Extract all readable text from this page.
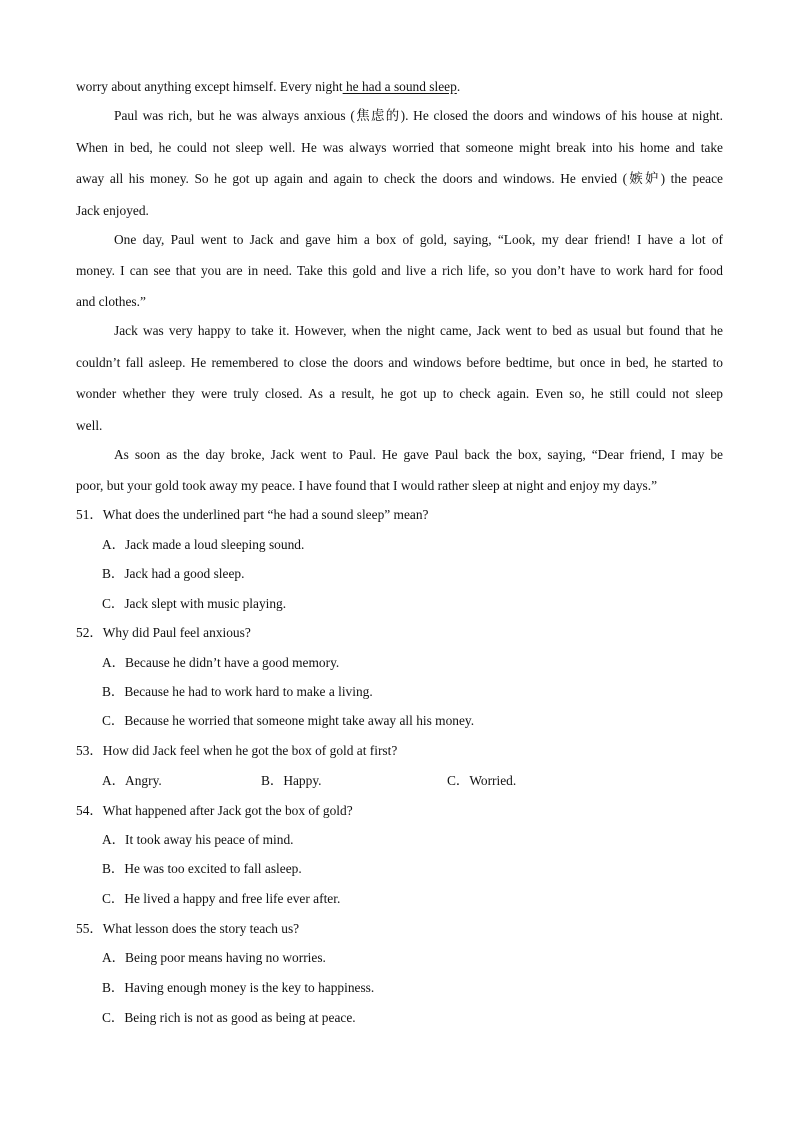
worry about anything except himself. Every night he had a sound sleep.
Paul was rich, but he was always anxious (焦虑的). He closed the doors and windows of his house at night.
When in bed, he could not sleep well. He was always worried that someone might break into his home and take
away all his money. So he got up again and again to check the doors and windows. He envied (嫉妒) the peace
Jack enjoyed.
One day, Paul went to Jack and gave him a box of gold, saying, “Look, my dear friend! I have a lot of
money. I can see that you are in need. Take this gold and live a rich life, so you don’t have to work hard for food
and clothes.”
Jack was very happy to take it. However, when the night came, Jack went to bed as usual but found that he
couldn’t fall asleep. He remembered to close the doors and windows before bedtime, but once in bed, he started to
wonder whether they were truly closed. As a result, he got up to check again. Even so, he still could not sleep
well.
As soon as the day broke, Jack went to Paul. He gave Paul back the box, saying, “Dear friend, I may be
poor, but your gold took away my peace. I have found that I would rather sleep at night and enjoy my days.”
51．What does the underlined part “he had a sound sleep” mean?
A．Jack made a loud sleeping sound.
B．Jack had a good sleep.
C．Jack slept with music playing.
52．Why did Paul feel anxious?
A．Because he didn’t have a good memory.
B．Because he had to work hard to make a living.
C．Because he worried that someone might take away all his money.
53．How did Jack feel when he got the box of gold at first?
A．Angry.	B．Happy.	C．Worried.
54．What happened after Jack got the box of gold?
A．It took away his peace of mind.
B．He was too excited to fall asleep.
C．He lived a happy and free life ever after.
55．What lesson does the story teach us?
A．Being poor means having no worries.
B．Having enough money is the key to happiness.
C．Being rich is not as good as being at peace.
